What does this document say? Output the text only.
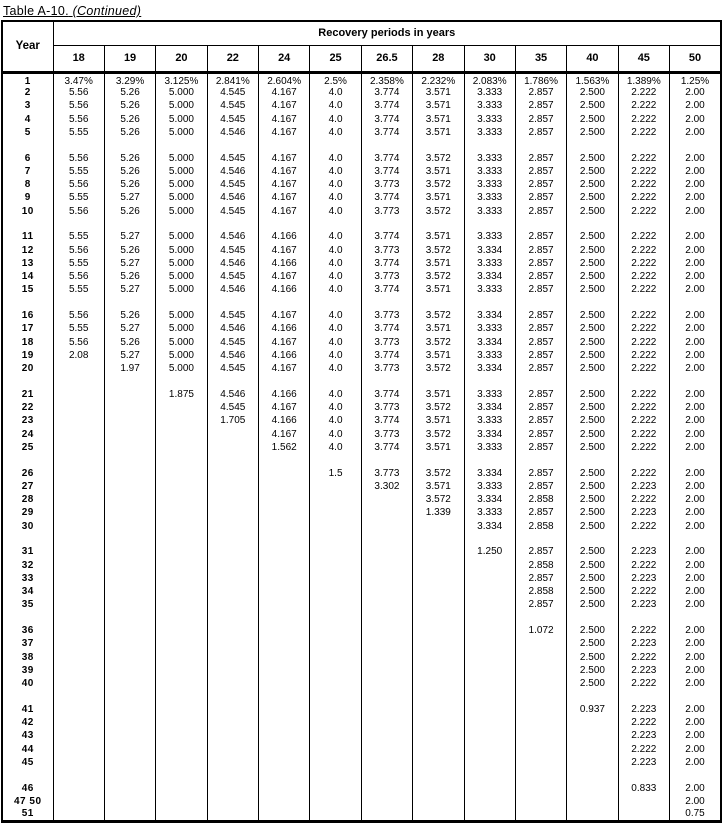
Table A-10. (Continued)
Year	Recovery periods in years												
	18	19	20	22	24	25	26.5	28	30	35	40	45	50
1	3.47%	3.29%	3.125%	2.841%	2.604%	2.5%	2.358%	2.232%	2.083%	1.786%	1.563%	1.389%	1.25%
2	5.56	5.26	5.000	4.545	4.167	4.0	3.774	3.571	3.333	2.857	2.500	2.222	2.00
3	5.56	5.26	5.000	4.545	4.167	4.0	3.774	3.571	3.333	2.857	2.500	2.222	2.00
4	5.56	5.26	5.000	4.545	4.167	4.0	3.774	3.571	3.333	2.857	2.500	2.222	2.00
5	5.55	5.26	5.000	4.546	4.167	4.0	3.774	3.571	3.333	2.857	2.500	2.222	2.00

6	5.56	5.26	5.000	4.545	4.167	4.0	3.774	3.572	3.333	2.857	2.500	2.222	2.00
7	5.55	5.26	5.000	4.546	4.167	4.0	3.774	3.571	3.333	2.857	2.500	2.222	2.00
8	5.56	5.26	5.000	4.545	4.167	4.0	3.773	3.572	3.333	2.857	2.500	2.222	2.00
9	5.55	5.27	5.000	4.546	4.167	4.0	3.774	3.571	3.333	2.857	2.500	2.222	2.00
10	5.56	5.26	5.000	4.545	4.167	4.0	3.773	3.572	3.333	2.857	2.500	2.222	2.00

11	5.55	5.27	5.000	4.546	4.166	4.0	3.774	3.571	3.333	2.857	2.500	2.222	2.00
12	5.56	5.26	5.000	4.545	4.167	4.0	3.773	3.572	3.334	2.857	2.500	2.222	2.00
13	5.55	5.27	5.000	4.546	4.166	4.0	3.774	3.571	3.333	2.857	2.500	2.222	2.00
14	5.56	5.26	5.000	4.545	4.167	4.0	3.773	3.572	3.334	2.857	2.500	2.222	2.00
15	5.55	5.27	5.000	4.546	4.166	4.0	3.774	3.571	3.333	2.857	2.500	2.222	2.00

16	5.56	5.26	5.000	4.545	4.167	4.0	3.773	3.572	3.334	2.857	2.500	2.222	2.00
17	5.55	5.27	5.000	4.546	4.166	4.0	3.774	3.571	3.333	2.857	2.500	2.222	2.00
18	5.56	5.26	5.000	4.545	4.167	4.0	3.773	3.572	3.334	2.857	2.500	2.222	2.00
19	2.08	5.27	5.000	4.546	4.166	4.0	3.774	3.571	3.333	2.857	2.500	2.222	2.00
20		1.97	5.000	4.545	4.167	4.0	3.773	3.572	3.334	2.857	2.500	2.222	2.00

21			1.875	4.546	4.166	4.0	3.774	3.571	3.333	2.857	2.500	2.222	2.00
22				4.545	4.167	4.0	3.773	3.572	3.334	2.857	2.500	2.222	2.00
23				1.705	4.166	4.0	3.774	3.571	3.333	2.857	2.500	2.222	2.00
24					4.167	4.0	3.773	3.572	3.334	2.857	2.500	2.222	2.00
25					1.562	4.0	3.774	3.571	3.333	2.857	2.500	2.222	2.00

26						1.5	3.773	3.572	3.334	2.857	2.500	2.222	2.00
27							3.302	3.571	3.333	2.857	2.500	2.223	2.00
28								3.572	3.334	2.858	2.500	2.222	2.00
29								1.339	3.333	2.857	2.500	2.223	2.00
30									3.334	2.858	2.500	2.222	2.00

31									1.250	2.857	2.500	2.223	2.00
32										2.858	2.500	2.222	2.00
33										2.857	2.500	2.223	2.00
34										2.858	2.500	2.222	2.00
35										2.857	2.500	2.223	2.00

36										1.072	2.500	2.222	2.00
37											2.500	2.223	2.00
38											2.500	2.222	2.00
39											2.500	2.223	2.00
40											2.500	2.222	2.00

41											0.937	2.223	2.00
42												2.222	2.00
43												2.223	2.00
44												2.222	2.00
45												2.223	2.00

46												0.833	2.00
47 50													2.00
51													0.75
